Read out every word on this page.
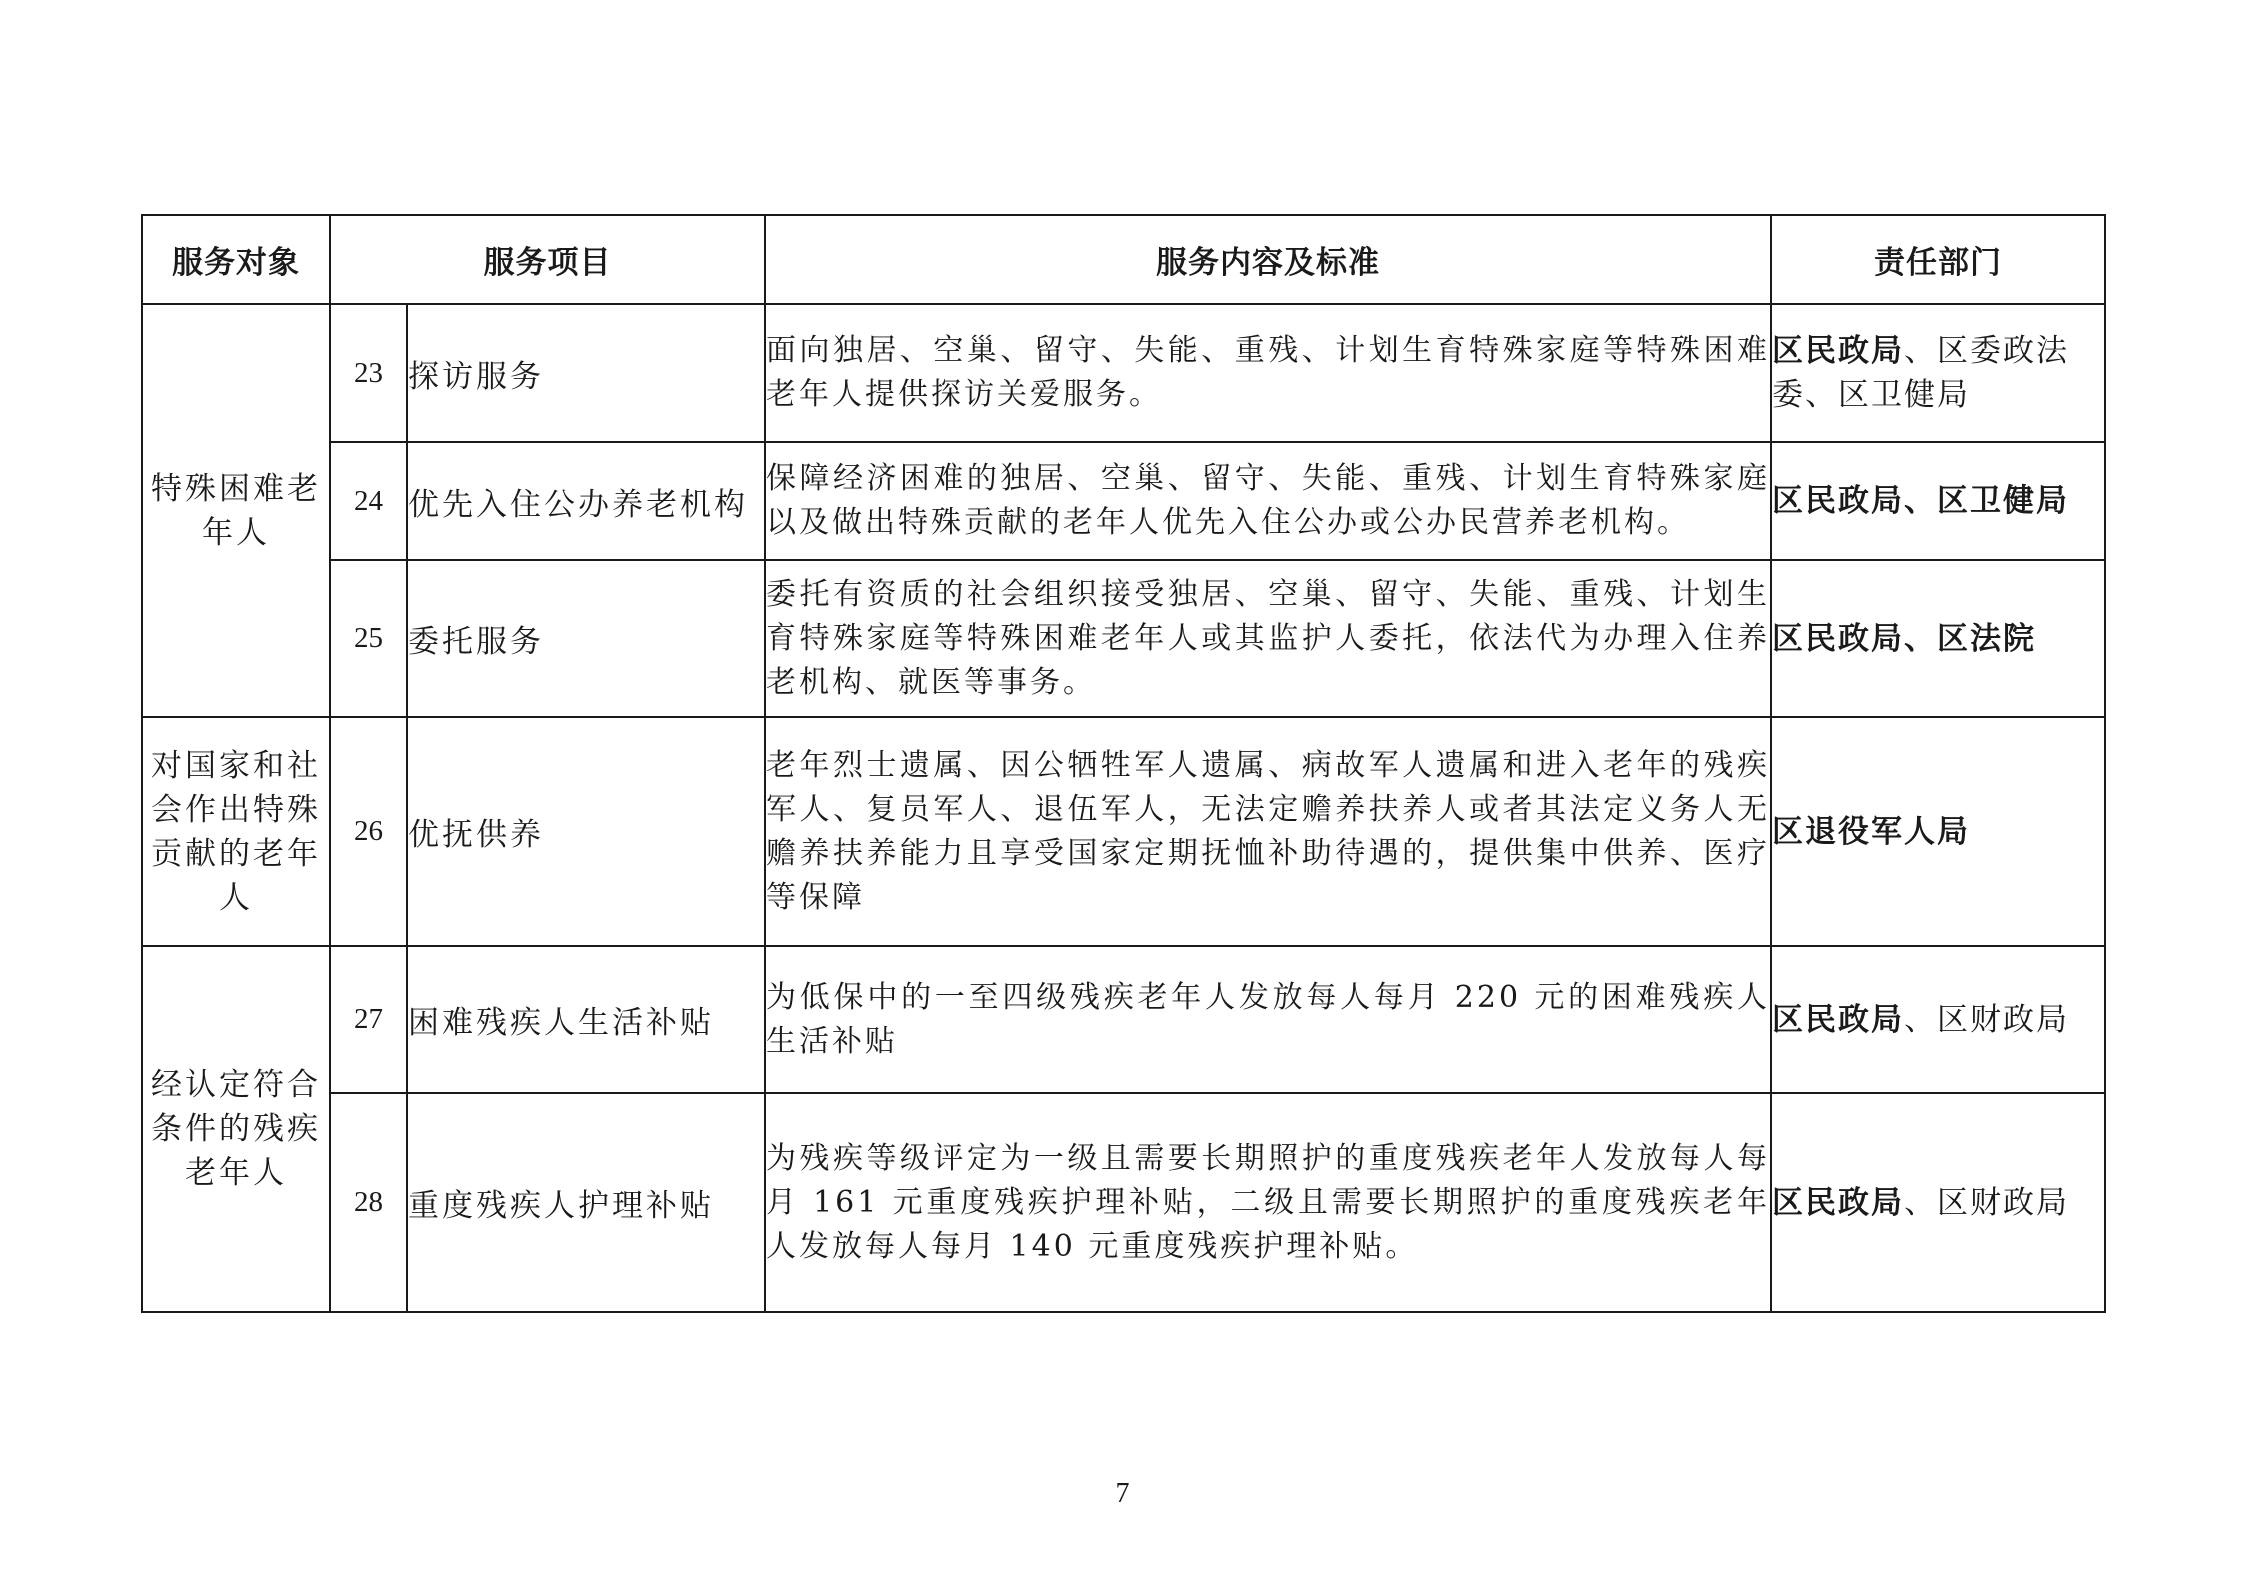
服务对象	服务项目		服务内容及标准	责任部门
特殊困难老年人	23	探访服务	面向独居、空巢、留守、失能、重残、计划生育特殊家庭等特殊困难老年人提供探访关爱服务。	区民政局、区委政法委、区卫健局
	24	优先入住公办养老机构	保障经济困难的独居、空巢、留守、失能、重残、计划生育特殊家庭以及做出特殊贡献的老年人优先入住公办或公办民营养老机构。	区民政局、区卫健局
	25	委托服务	委托有资质的社会组织接受独居、空巢、留守、失能、重残、计划生育特殊家庭等特殊困难老年人或其监护人委托，依法代为办理入住养老机构、就医等事务。	区民政局、区法院
对国家和社会作出特殊贡献的老年人	26	优抚供养	老年烈士遗属、因公牺牲军人遗属、病故军人遗属和进入老年的残疾军人、复员军人、退伍军人，无法定赡养扶养人或者其法定义务人无赡养扶养能力且享受国家定期抚恤补助待遇的，提供集中供养、医疗等保障	区退役军人局
经认定符合条件的残疾老年人	27	困难残疾人生活补贴	为低保中的一至四级残疾老年人发放每人每月 220 元的困难残疾人生活补贴	区民政局、区财政局
	28	重度残疾人护理补贴	为残疾等级评定为一级且需要长期照护的重度残疾老年人发放每人每月 161 元重度残疾护理补贴，二级且需要长期照护的重度残疾老年人发放每人每月 140 元重度残疾护理补贴。	区民政局、区财政局
7
